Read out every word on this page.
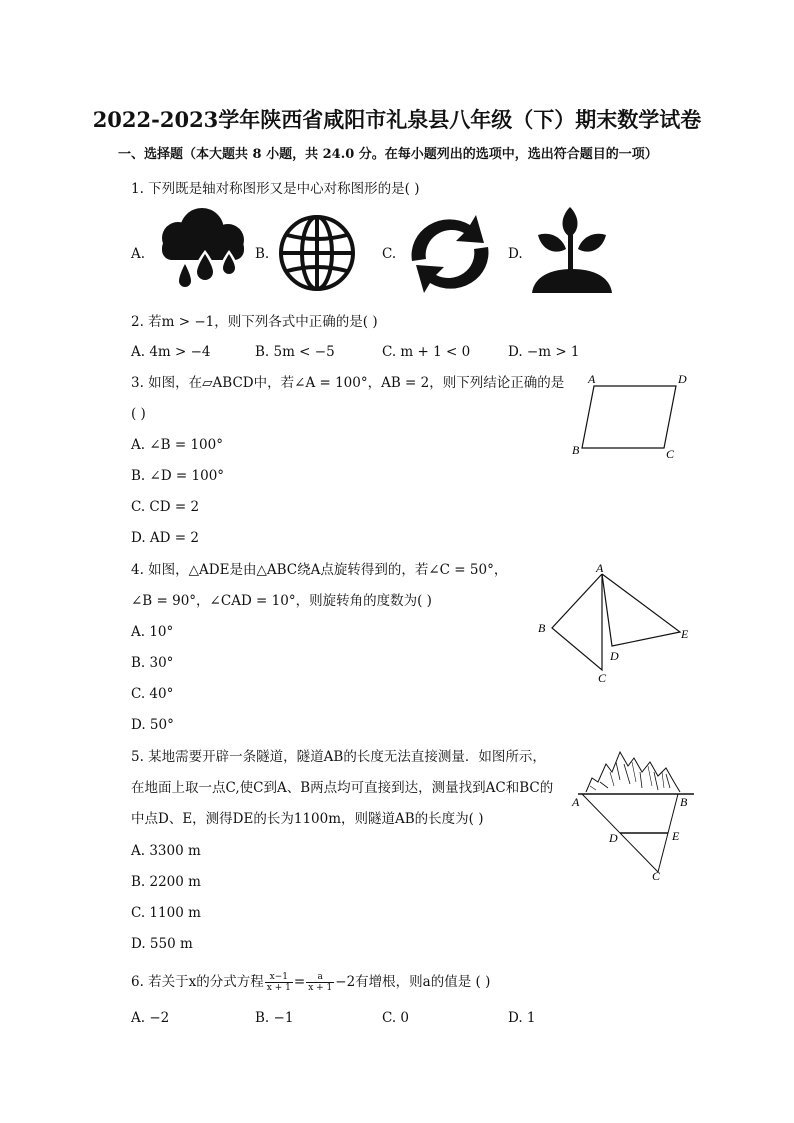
2022-2023学年陕西省咸阳市礼泉县八年级（下）期末数学试卷
一、选择题（本大题共 8 小题，共 24.0 分。在每小题列出的选项中，选出符合题目的一项）
1. 下列既是轴对称图形又是中心对称图形的是( )
A.	B.	C.	D.
2. 若m > −1，则下列各式中正确的是( )
A. 4m > −4	B. 5m < −5	C. m + 1 < 0	D. −m > 1
3. 如图，在▱ABCD中，若∠A = 100°，AB = 2，则下列结论正确的是
( )
A. ∠B = 100°
B. ∠D = 100°
C. CD = 2
D. AD = 2
A	D
B	C
4. 如图，△ADE是由△ABC绕A点旋转得到的，若∠C = 50°，
∠B = 90°，∠CAD = 10°，则旋转角的度数为( )
A. 10°
B. 30°
C. 40°
D. 50°
A
B	E
D
C
5. 某地需要开辟一条隧道，隧道AB的长度无法直接测量．如图所示，
在地面上取一点C,使C到A、B两点均可直接到达，测量找到AC和BC的
中点D、E，测得DE的长为1100m，则隧道AB的长度为( )
A. 3300 m
B. 2200 m
C. 1100 m
D. 550 m
A	B
D	E
C
6. 若关于x的分式方程 $\frac{x-1}{x + 1} = \frac{a}{x + 1} -2$有增根，则a的值是 ( )
A. −2	B. −1	C. 0	D. 1
